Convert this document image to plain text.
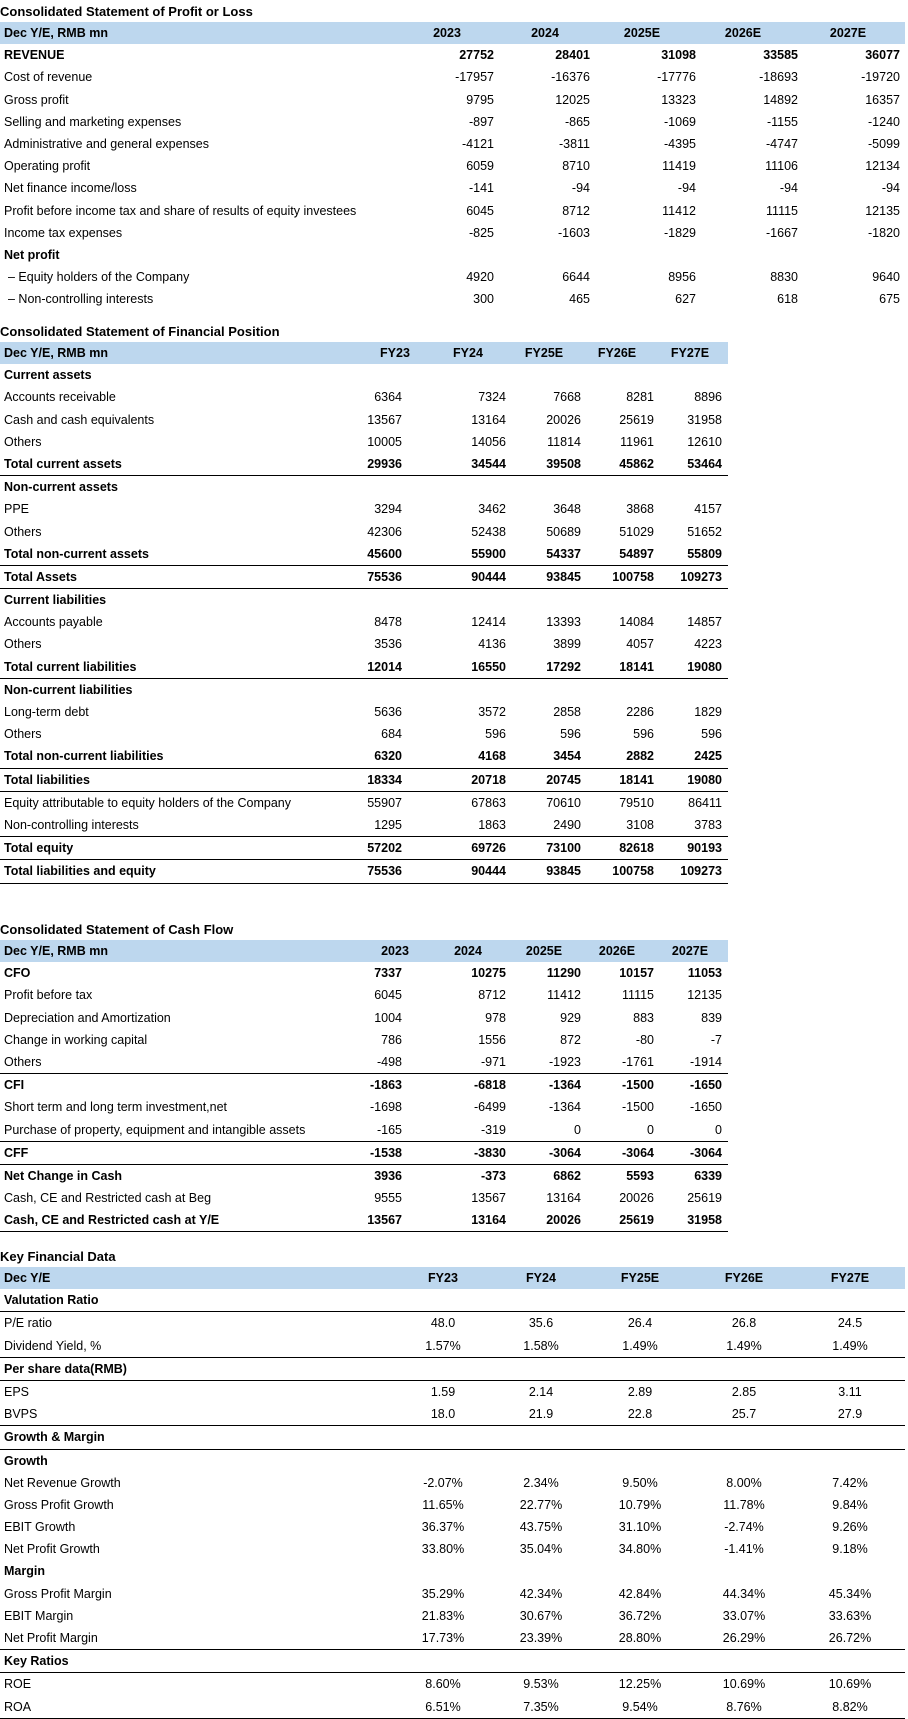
Consolidated Statement of Profit or Loss
Dec Y/E, RMB mn	2023	2024	2025E	2026E	2027E
REVENUE	27752	28401	31098	33585	36077
Cost of revenue	-17957	-16376	-17776	-18693	-19720
Gross profit	9795	12025	13323	14892	16357
Selling and marketing expenses	-897	-865	-1069	-1155	-1240
Administrative and general expenses	-4121	-3811	-4395	-4747	-5099
Operating profit	6059	8710	11419	11106	12134
Net finance income/loss	-141	-94	-94	-94	-94
Profit before income tax and share of results of equity investees	6045	8712	11412	11115	12135
Income tax expenses	-825	-1603	-1829	-1667	-1820
Net profit
– Equity holders of the Company	4920	6644	8956	8830	9640
– Non-controlling interests	300	465	627	618	675
Consolidated Statement of Financial Position
Dec Y/E, RMB mn	FY23	FY24	FY25E	FY26E	FY27E
Current assets
Accounts receivable	6364	7324	7668	8281	8896
Cash and cash equivalents	13567	13164	20026	25619	31958
Others	10005	14056	11814	11961	12610
Total current assets	29936	34544	39508	45862	53464
Non-current assets
PPE	3294	3462	3648	3868	4157
Others	42306	52438	50689	51029	51652
Total non-current assets	45600	55900	54337	54897	55809
Total Assets	75536	90444	93845	100758	109273
Current liabilities
Accounts payable	8478	12414	13393	14084	14857
Others	3536	4136	3899	4057	4223
Total current liabilities	12014	16550	17292	18141	19080
Non-current liabilities
Long-term debt	5636	3572	2858	2286	1829
Others	684	596	596	596	596
Total non-current liabilities	6320	4168	3454	2882	2425
Total liabilities	18334	20718	20745	18141	19080
Equity attributable to equity holders of the Company	55907	67863	70610	79510	86411
Non-controlling interests	1295	1863	2490	3108	3783
Total equity	57202	69726	73100	82618	90193
Total liabilities and equity	75536	90444	93845	100758	109273
Consolidated Statement of Cash Flow
Dec Y/E, RMB mn	2023	2024	2025E	2026E	2027E
CFO	7337	10275	11290	10157	11053
Profit before tax	6045	8712	11412	11115	12135
Depreciation and Amortization	1004	978	929	883	839
Change in working capital	786	1556	872	-80	-7
Others	-498	-971	-1923	-1761	-1914
CFI	-1863	-6818	-1364	-1500	-1650
Short term and long term investment,net	-1698	-6499	-1364	-1500	-1650
Purchase of property, equipment and intangible assets	-165	-319	0	0	0
CFF	-1538	-3830	-3064	-3064	-3064
Net Change in Cash	3936	-373	6862	5593	6339
Cash, CE and Restricted cash at Beg	9555	13567	13164	20026	25619
Cash, CE and Restricted cash at Y/E	13567	13164	20026	25619	31958
Key Financial Data
Dec Y/E	FY23	FY24	FY25E	FY26E	FY27E
Valutation Ratio
P/E ratio	48.0	35.6	26.4	26.8	24.5
Dividend Yield, %	1.57%	1.58%	1.49%	1.49%	1.49%
Per share data(RMB)
EPS	1.59	2.14	2.89	2.85	3.11
BVPS	18.0	21.9	22.8	25.7	27.9
Growth & Margin
Growth
Net Revenue Growth	-2.07%	2.34%	9.50%	8.00%	7.42%
Gross Profit Growth	11.65%	22.77%	10.79%	11.78%	9.84%
EBIT Growth	36.37%	43.75%	31.10%	-2.74%	9.26%
Net Profit Growth	33.80%	35.04%	34.80%	-1.41%	9.18%
Margin
Gross Profit Margin	35.29%	42.34%	42.84%	44.34%	45.34%
EBIT Margin	21.83%	30.67%	36.72%	33.07%	33.63%
Net Profit Margin	17.73%	23.39%	28.80%	26.29%	26.72%
Key Ratios
ROE	8.60%	9.53%	12.25%	10.69%	10.69%
ROA	6.51%	7.35%	9.54%	8.76%	8.82%
